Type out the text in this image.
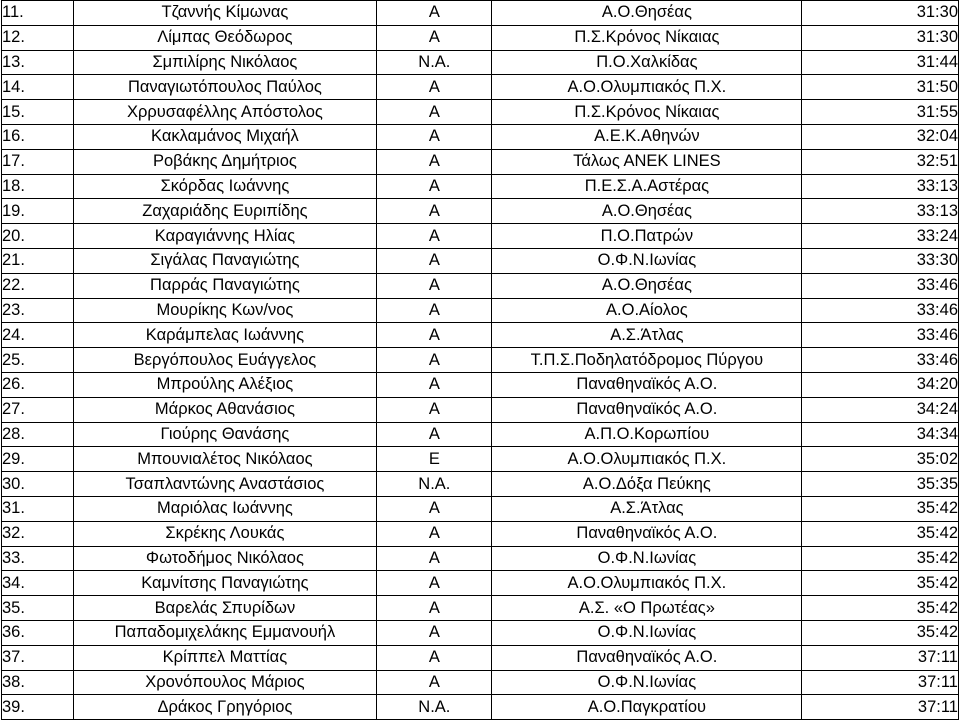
11.	Τζαννής Κίμωνας	Α	Α.Ο.Θησέας	31:30
12.	Λίμπας Θεόδωρος	Α	Π.Σ.Κρόνος Νίκαιας	31:30
13.	Σμπιλίρης Νικόλαος	Ν.Α.	Π.Ο.Χαλκίδας	31:44
14.	Παναγιωτόπουλος Παύλος	Α	Α.Ο.Ολυμπιακός Π.Χ.	31:50
15.	Χρρυσαφέλλης Απόστολος	Α	Π.Σ.Κρόνος Νίκαιας	31:55
16.	Κακλαμάνος Μιχαήλ	Α	Α.Ε.Κ.Αθηνών	32:04
17.	Ροβάκης Δημήτριος	Α	Τάλως ΑΝΕΚ LINES	32:51
18.	Σκόρδας Ιωάννης	Α	Π.Ε.Σ.Α.Αστέρας	33:13
19.	Ζαχαριάδης Ευριπίδης	Α	Α.Ο.Θησέας	33:13
20.	Καραγιάννης Ηλίας	Α	Π.Ο.Πατρών	33:24
21.	Σιγάλας Παναγιώτης	Α	Ο.Φ.Ν.Ιωνίας	33:30
22.	Παρράς Παναγιώτης	Α	Α.Ο.Θησέας	33:46
23.	Μουρίκης Κων/νος	Α	Α.Ο.Αίολος	33:46
24.	Καράμπελας Ιωάννης	Α	Α.Σ.Άτλας	33:46
25.	Βεργόπουλος Ευάγγελος	Α	Τ.Π.Σ.Ποδηλατόδρομος Πύργου	33:46
26.	Μπρούλης Αλέξιος	Α	Παναθηναϊκός Α.Ο.	34:20
27.	Μάρκος Αθανάσιος	Α	Παναθηναϊκός Α.Ο.	34:24
28.	Γιούρης Θανάσης	Α	Α.Π.Ο.Κορωπίου	34:34
29.	Μπουνιαλέτος Νικόλαος	Ε	Α.Ο.Ολυμπιακός Π.Χ.	35:02
30.	Τσαπλαντώνης Αναστάσιος	Ν.Α.	Α.Ο.Δόξα Πεύκης	35:35
31.	Μαριόλας Ιωάννης	Α	Α.Σ.Άτλας	35:42
32.	Σκρέκης Λουκάς	Α	Παναθηναϊκός Α.Ο.	35:42
33.	Φωτοδήμος Νικόλαος	Α	Ο.Φ.Ν.Ιωνίας	35:42
34.	Καμνίτσης Παναγιώτης	Α	Α.Ο.Ολυμπιακός Π.Χ.	35:42
35.	Βαρελάς Σπυρίδων	Α	Α.Σ. «Ο Πρωτέας»	35:42
36.	Παπαδομιχελάκης Εμμανουήλ	Α	Ο.Φ.Ν.Ιωνίας	35:42
37.	Κρίππελ Ματτίας	Α	Παναθηναϊκός Α.Ο.	37:11
38.	Χρονόπουλος Μάριος	Α	Ο.Φ.Ν.Ιωνίας	37:11
39.	Δράκος Γρηγόριος	Ν.Α.	Α.Ο.Παγκρατίου	37:11
